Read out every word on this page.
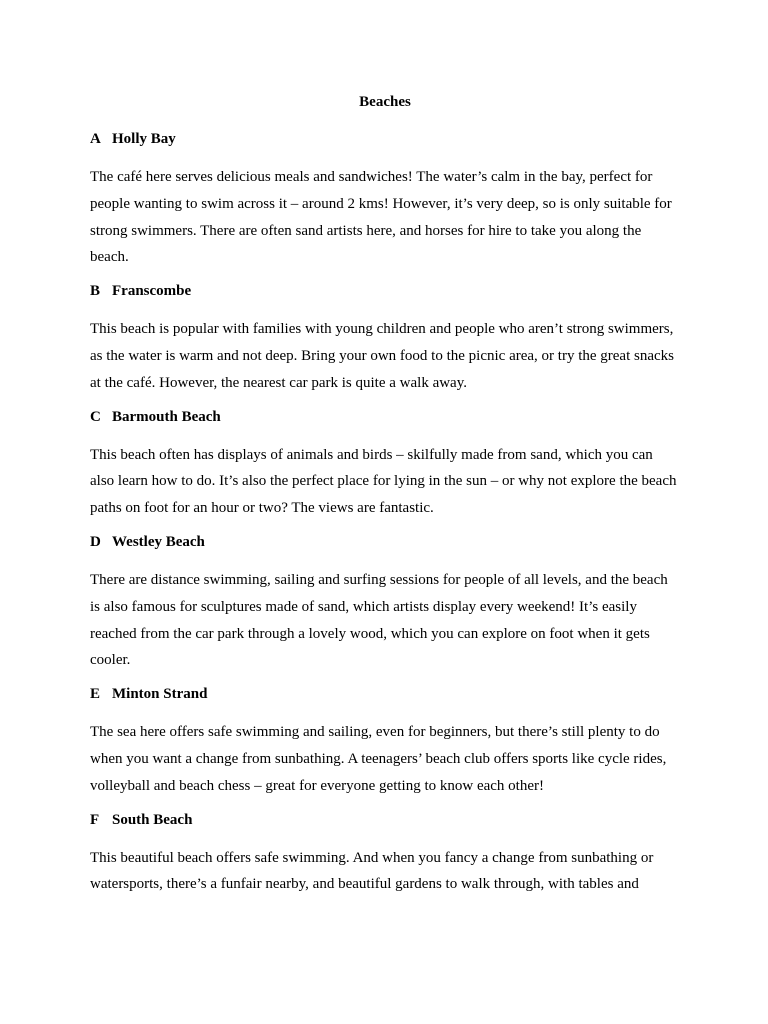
Beaches
A Holly Bay

The café here serves delicious meals and sandwiches! The water’s calm in the bay, perfect for people wanting to swim across it – around 2 kms! However, it’s very deep, so is only suitable for strong swimmers. There are often sand artists here, and horses for hire to take you along the beach.

B Franscombe

This beach is popular with families with young children and people who aren’t strong swimmers, as the water is warm and not deep. Bring your own food to the picnic area, or try the great snacks at the café. However, the nearest car park is quite a walk away.

C Barmouth Beach

This beach often has displays of animals and birds – skilfully made from sand, which you can also learn how to do. It’s also the perfect place for lying in the sun – or why not explore the beach paths on foot for an hour or two? The views are fantastic.

D Westley Beach

There are distance swimming, sailing and surfing sessions for people of all levels, and the beach is also famous for sculptures made of sand, which artists display every weekend! It’s easily reached from the car park through a lovely wood, which you can explore on foot when it gets cooler.

E Minton Strand

The sea here offers safe swimming and sailing, even for beginners, but there’s still plenty to do when you want a change from sunbathing. A teenagers’ beach club offers sports like cycle rides, volleyball and beach chess – great for everyone getting to know each other!

F South Beach

This beautiful beach offers safe swimming. And when you fancy a change from sunbathing or watersports, there’s a funfair nearby, and beautiful gardens to walk through, with tables and
